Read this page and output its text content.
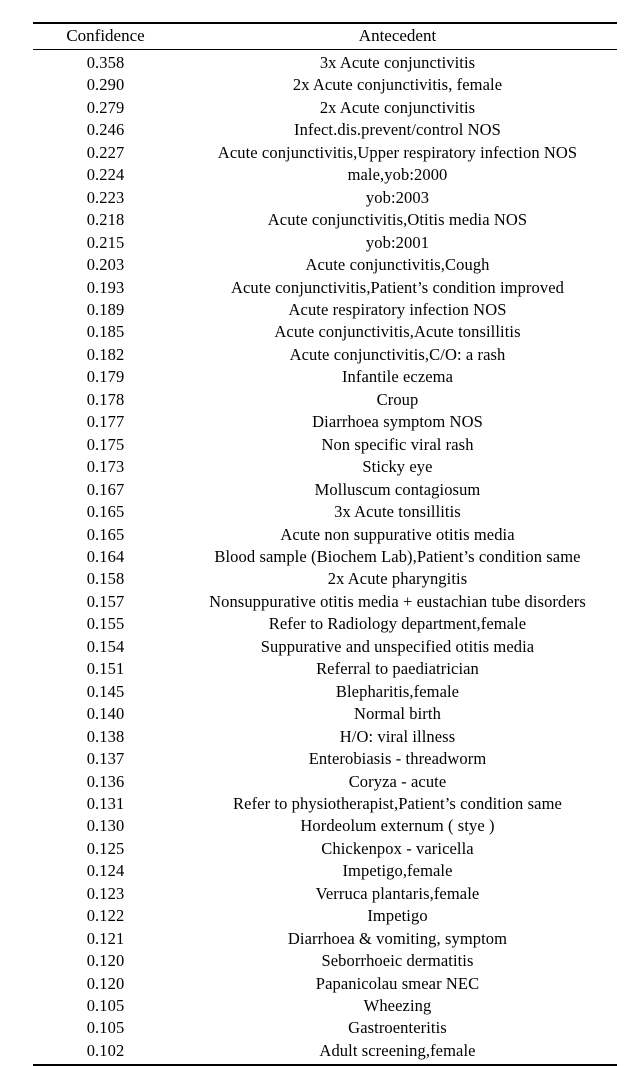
Confidence	Antecedent
0.358	3x Acute conjunctivitis
0.290	2x Acute conjunctivitis, female
0.279	2x Acute conjunctivitis
0.246	Infect.dis.prevent/control NOS
0.227	Acute conjunctivitis,Upper respiratory infection NOS
0.224	male,yob:2000
0.223	yob:2003
0.218	Acute conjunctivitis,Otitis media NOS
0.215	yob:2001
0.203	Acute conjunctivitis,Cough
0.193	Acute conjunctivitis,Patient’s condition improved
0.189	Acute respiratory infection NOS
0.185	Acute conjunctivitis,Acute tonsillitis
0.182	Acute conjunctivitis,C/O: a rash
0.179	Infantile eczema
0.178	Croup
0.177	Diarrhoea symptom NOS
0.175	Non specific viral rash
0.173	Sticky eye
0.167	Molluscum contagiosum
0.165	3x Acute tonsillitis
0.165	Acute non suppurative otitis media
0.164	Blood sample (Biochem Lab),Patient’s condition same
0.158	2x Acute pharyngitis
0.157	Nonsuppurative otitis media + eustachian tube disorders
0.155	Refer to Radiology department,female
0.154	Suppurative and unspecified otitis media
0.151	Referral to paediatrician
0.145	Blepharitis,female
0.140	Normal birth
0.138	H/O: viral illness
0.137	Enterobiasis - threadworm
0.136	Coryza - acute
0.131	Refer to physiotherapist,Patient’s condition same
0.130	Hordeolum externum ( stye )
0.125	Chickenpox - varicella
0.124	Impetigo,female
0.123	Verruca plantaris,female
0.122	Impetigo
0.121	Diarrhoea & vomiting, symptom
0.120	Seborrhoeic dermatitis
0.120	Papanicolau smear NEC
0.105	Wheezing
0.105	Gastroenteritis
0.102	Adult screening,female
